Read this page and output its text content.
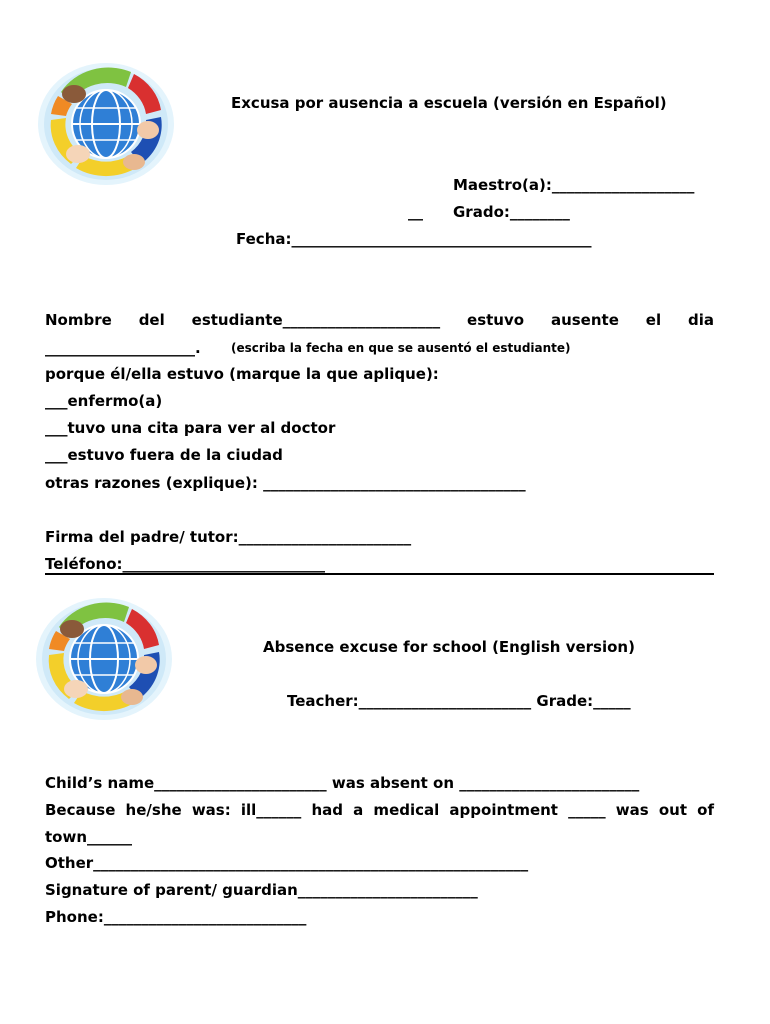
Excusa por ausencia a escuela (versión en Español)
Maestro(a):___________________
__ Grado:________
Fecha:________________________________________
Nombre del estudiante_____________________ estuvo ausente el dia
____________________.	(escriba la fecha en que se ausentó el estudiante)
porque él/ella estuvo (marque la que aplique):
___enfermo(a)
___tuvo una cita para ver al doctor
___estuvo fuera de la ciudad
otras razones (explique): ___________________________________
Firma del padre/ tutor:_______________________
Teléfono:___________________________
Absence excuse for school (English version)
Teacher:_______________________ Grade:_____
Child’s name_______________________ was absent on ________________________
Because he/she was: ill______ had a medical appointment _____ was out of
town______
Other__________________________________________________________
Signature of parent/ guardian________________________
Phone:___________________________
